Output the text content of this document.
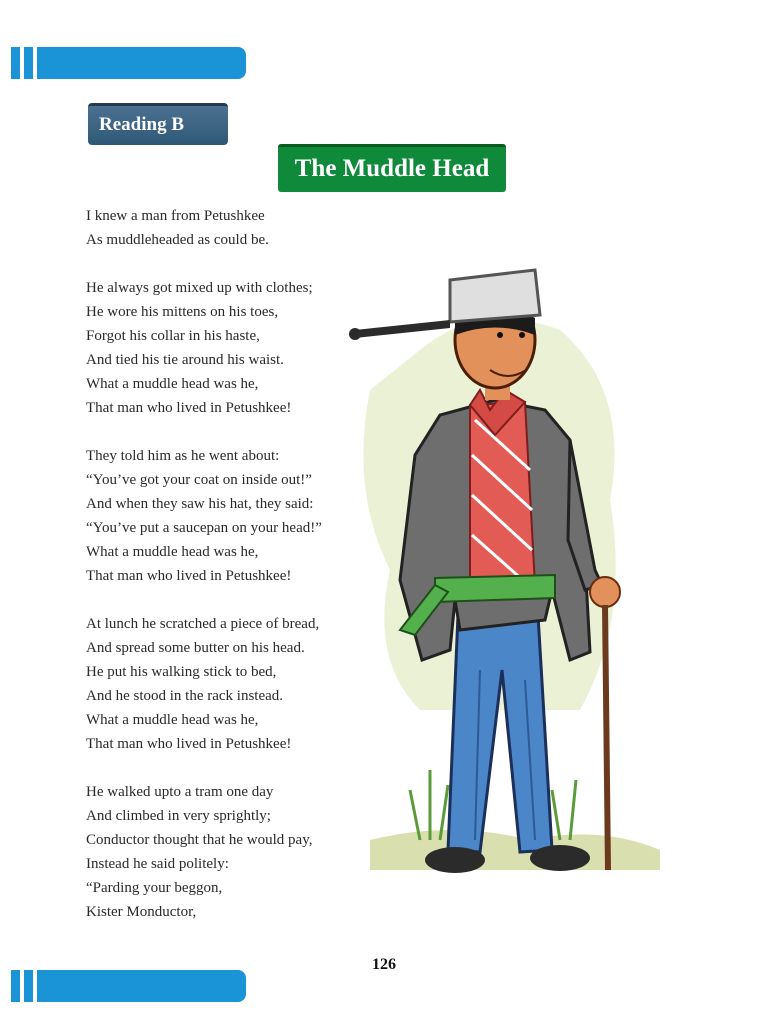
Reading B
The Muddle Head
I knew a man from Petushkee
As muddleheaded as could be.
He always got mixed up with clothes;
He wore his mittens on his toes,
Forgot his collar in his haste,
And tied his tie around his waist.
What a muddle head was he,
That man who lived in Petushkee!
They told him as he went about:
“You’ve got your coat on inside out!”
And when they saw his hat, they said:
“You’ve put a saucepan on your head!”
What a muddle head was he,
That man who lived in Petushkee!
At lunch he scratched a piece of bread,
And spread some butter on his head.
He put his walking stick to bed,
And he stood in the rack instead.
What a muddle head was he,
That man who lived in Petushkee!
He walked upto a tram one day
And climbed in very sprightly;
Conductor thought that he would pay,
Instead he said politely:
“Parding your beggon,
Kister Monductor,
126
